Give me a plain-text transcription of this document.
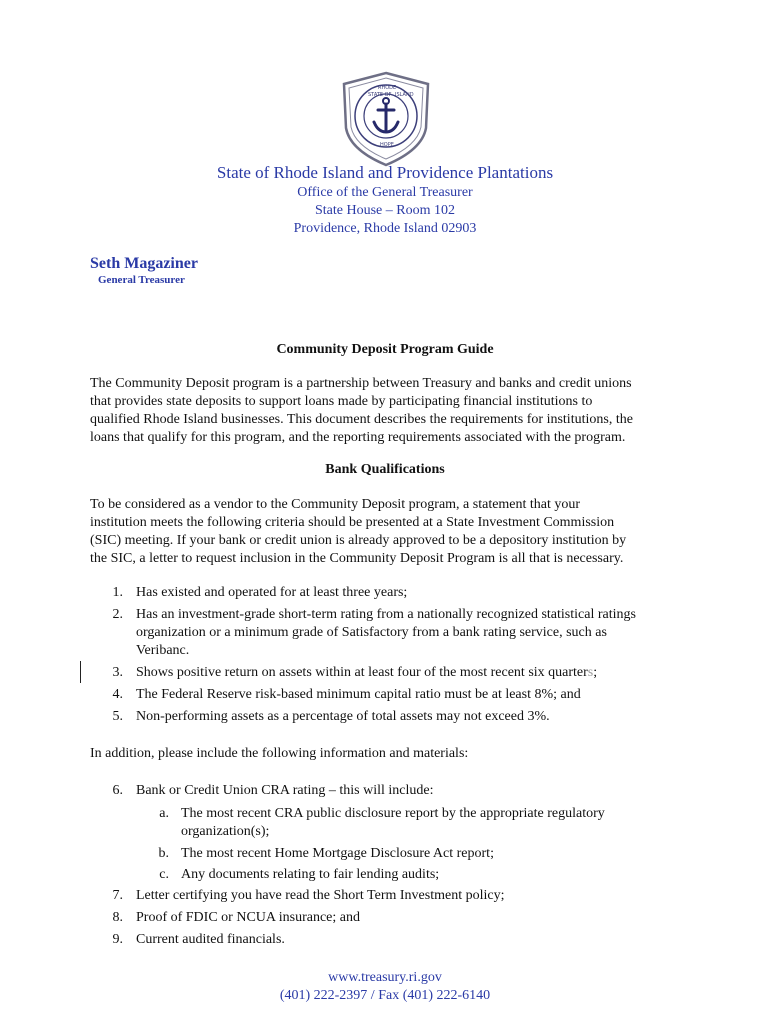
STATE OF
RHODE
ISLAND
HOPE
State of Rhode Island and Providence Plantations
Office of the General Treasurer
State House – Room 102
Providence, Rhode Island 02903
Seth Magaziner
General Treasurer
Community Deposit Program Guide
The Community Deposit program is a partnership between Treasury and banks and credit unions
that provides state deposits to support loans made by participating financial institutions to
qualified Rhode Island businesses. This document describes the requirements for institutions, the
loans that qualify for this program, and the reporting requirements associated with the program.
Bank Qualifications
To be considered as a vendor to the Community Deposit program, a statement that your
institution meets the following criteria should be presented at a State Investment Commission
(SIC) meeting. If your bank or credit union is already approved to be a depository institution by
the SIC, a letter to request inclusion in the Community Deposit Program is all that is necessary.
1. Has existed and operated for at least three years;
2. Has an investment-grade short-term rating from a nationally recognized statistical ratings
organization or a minimum grade of Satisfactory from a bank rating service, such as
Veribanc.
3. Shows positive return on assets within at least four of the most recent six quarters;
4. The Federal Reserve risk-based minimum capital ratio must be at least 8%; and
5. Non-performing assets as a percentage of total assets may not exceed 3%.
In addition, please include the following information and materials:
6. Bank or Credit Union CRA rating – this will include:
a. The most recent CRA public disclosure report by the appropriate regulatory
organization(s);
b. The most recent Home Mortgage Disclosure Act report;
c. Any documents relating to fair lending audits;
7. Letter certifying you have read the Short Term Investment policy;
8. Proof of FDIC or NCUA insurance; and
9. Current audited financials.
www.treasury.ri.gov
(401) 222-2397 / Fax (401) 222-6140
